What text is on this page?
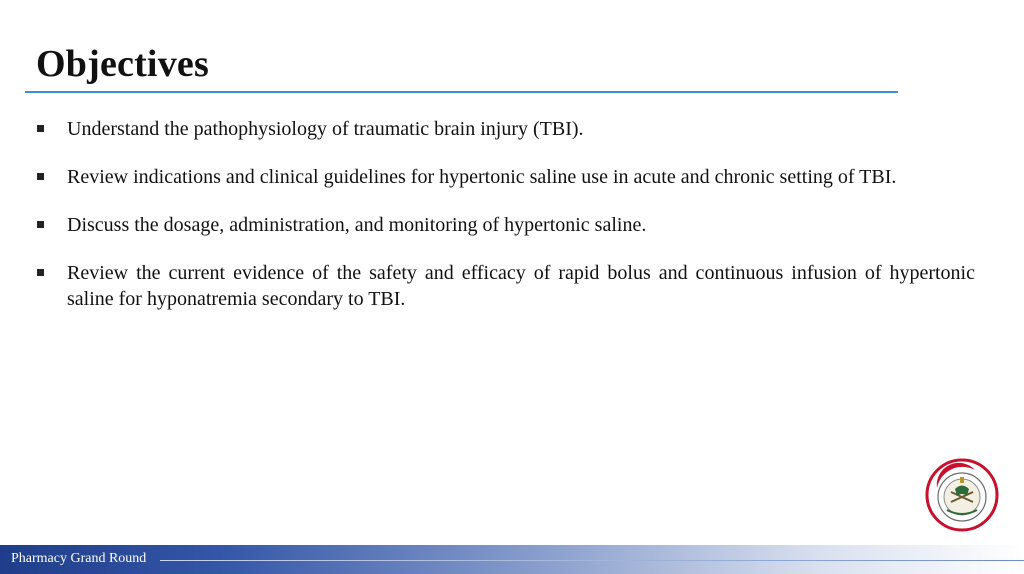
Objectives
Understand the pathophysiology of traumatic brain injury (TBI).
Review indications and clinical guidelines for hypertonic saline use in acute and chronic setting of TBI.
Discuss the dosage, administration, and monitoring of hypertonic saline.
Review the current evidence of the safety and efficacy of rapid bolus and continuous infusion of hypertonic saline for hyponatremia secondary to TBI.
Pharmacy Grand Round
